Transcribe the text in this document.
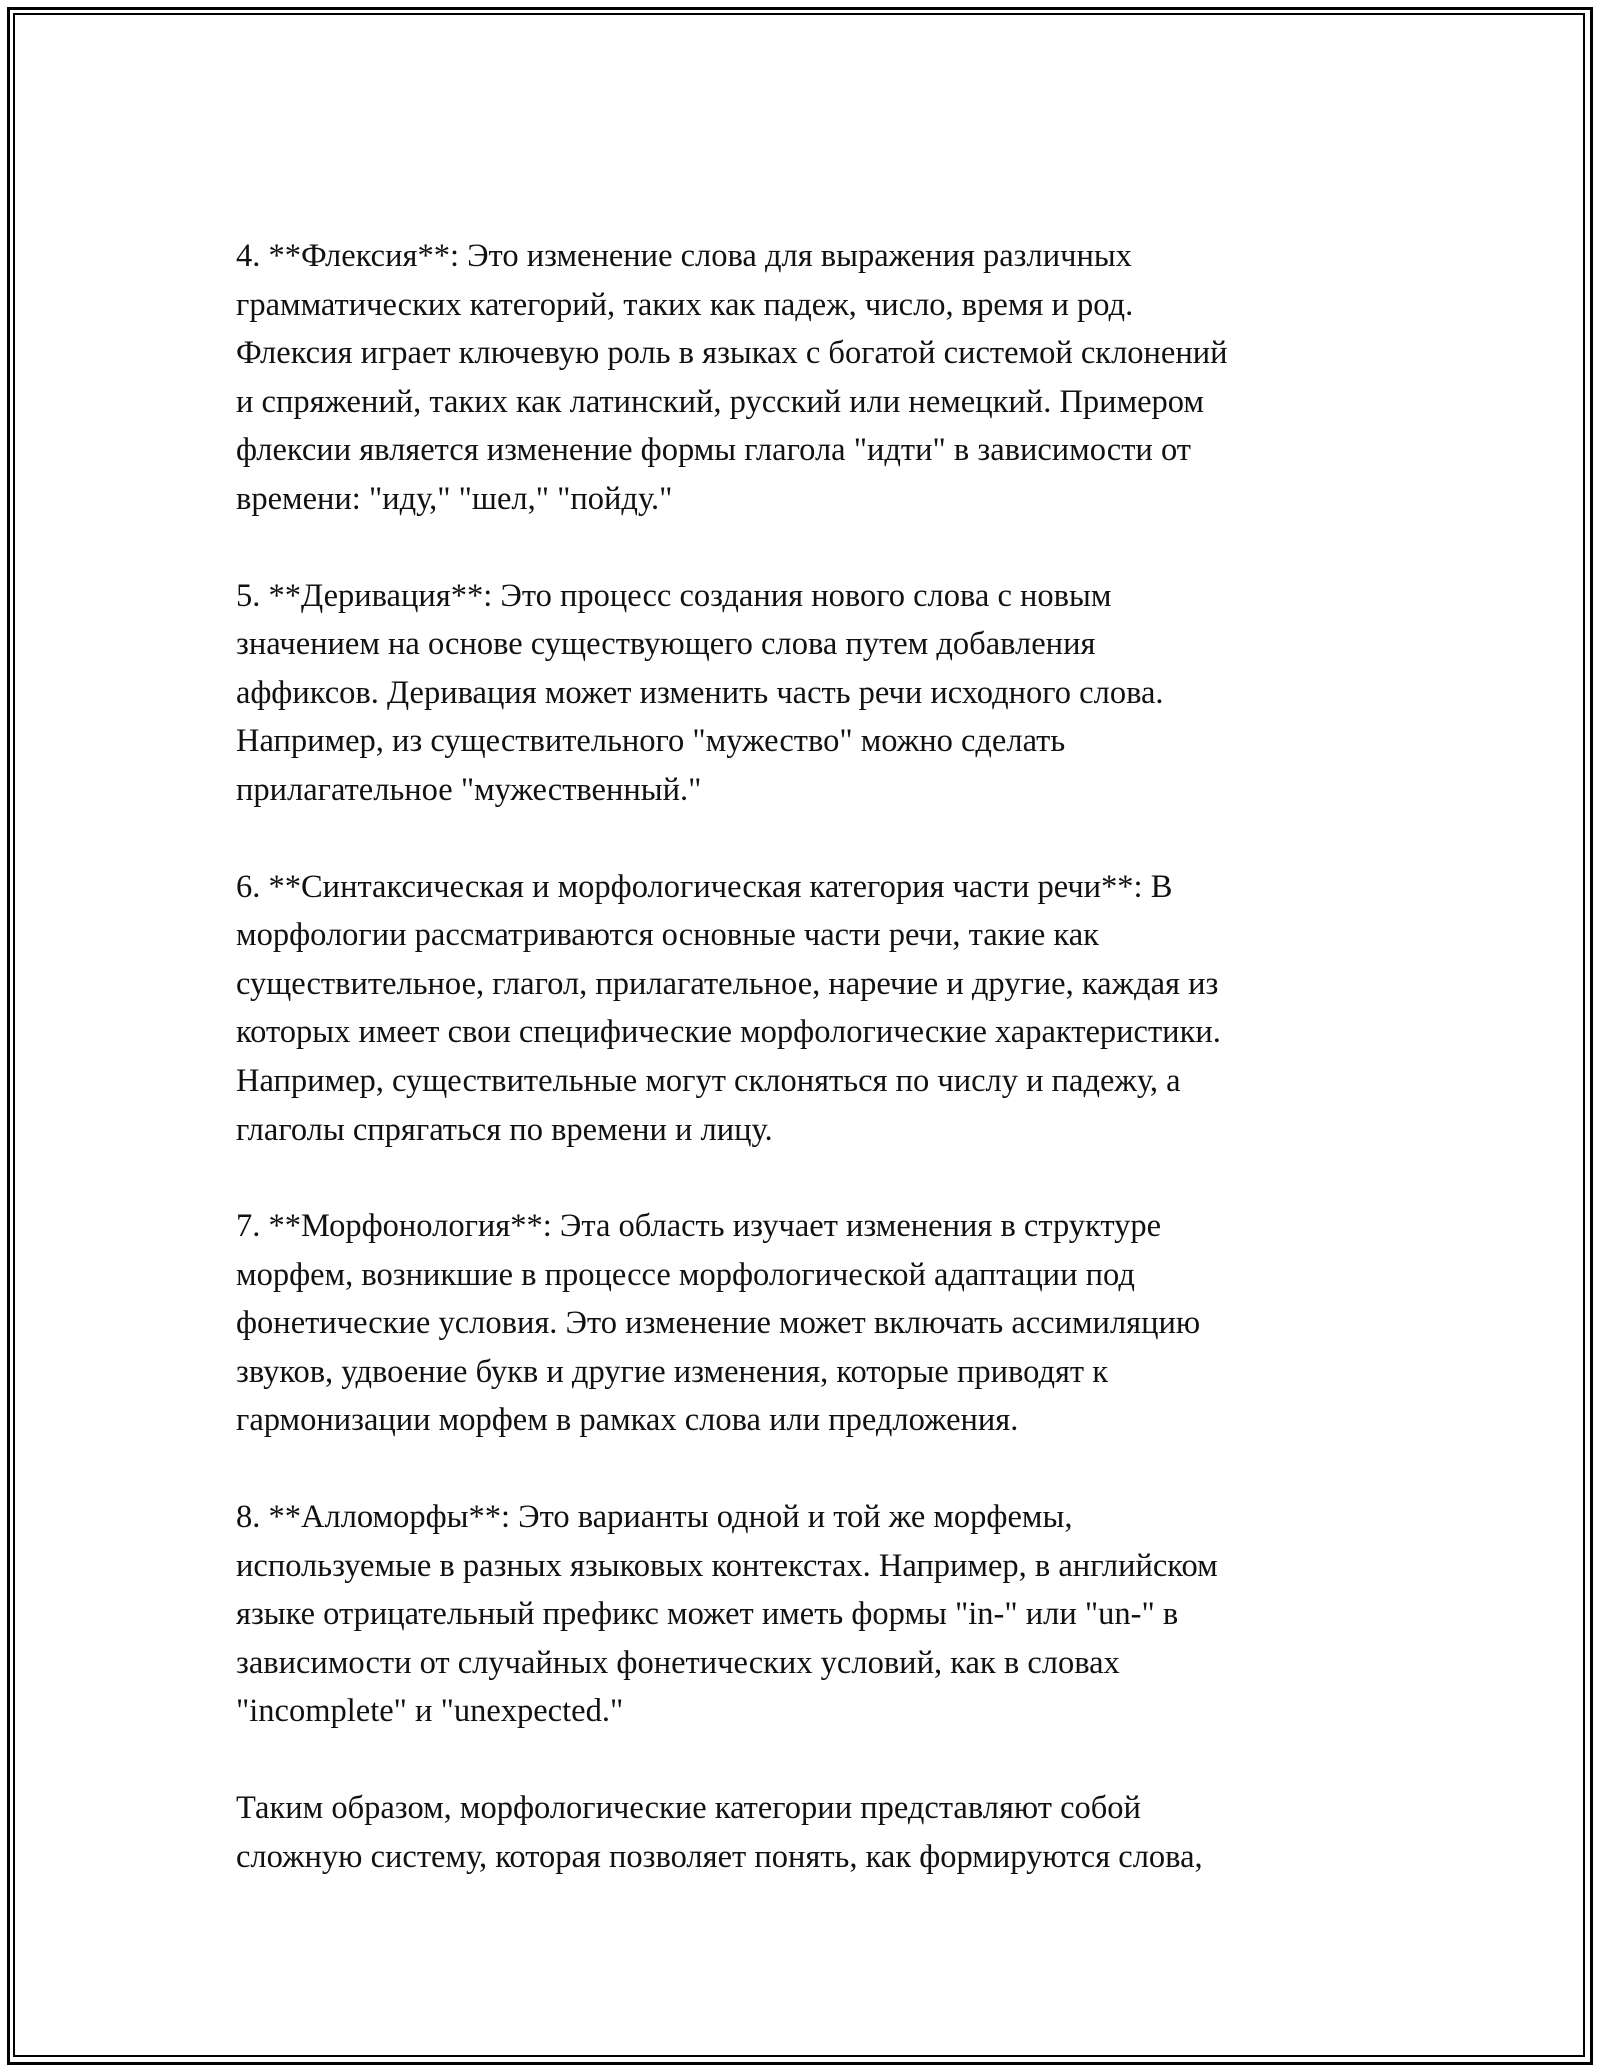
4. **Флексия**: Это изменение слова для выражения различных
грамматических категорий, таких как падеж, число, время и род.
Флексия играет ключевую роль в языках с богатой системой склонений
и спряжений, таких как латинский, русский или немецкий. Примером
флексии является изменение формы глагола "идти" в зависимости от
времени: "иду," "шел," "пойду."
5. **Деривация**: Это процесс создания нового слова с новым
значением на основе существующего слова путем добавления
аффиксов. Деривация может изменить часть речи исходного слова.
Например, из существительного "мужество" можно сделать
прилагательное "мужественный."
6. **Синтаксическая и морфологическая категория части речи**: В
морфологии рассматриваются основные части речи, такие как
существительное, глагол, прилагательное, наречие и другие, каждая из
которых имеет свои специфические морфологические характеристики.
Например, существительные могут склоняться по числу и падежу, а
глаголы спрягаться по времени и лицу.
7. **Морфонология**: Эта область изучает изменения в структуре
морфем, возникшие в процессе морфологической адаптации под
фонетические условия. Это изменение может включать ассимиляцию
звуков, удвоение букв и другие изменения, которые приводят к
гармонизации морфем в рамках слова или предложения.
8. **Алломорфы**: Это варианты одной и той же морфемы,
используемые в разных языковых контекстах. Например, в английском
языке отрицательный префикс может иметь формы "in-" или "un-" в
зависимости от случайных фонетических условий, как в словах
"incomplete" и "unexpected."
Таким образом, морфологические категории представляют собой
сложную систему, которая позволяет понять, как формируются слова,
